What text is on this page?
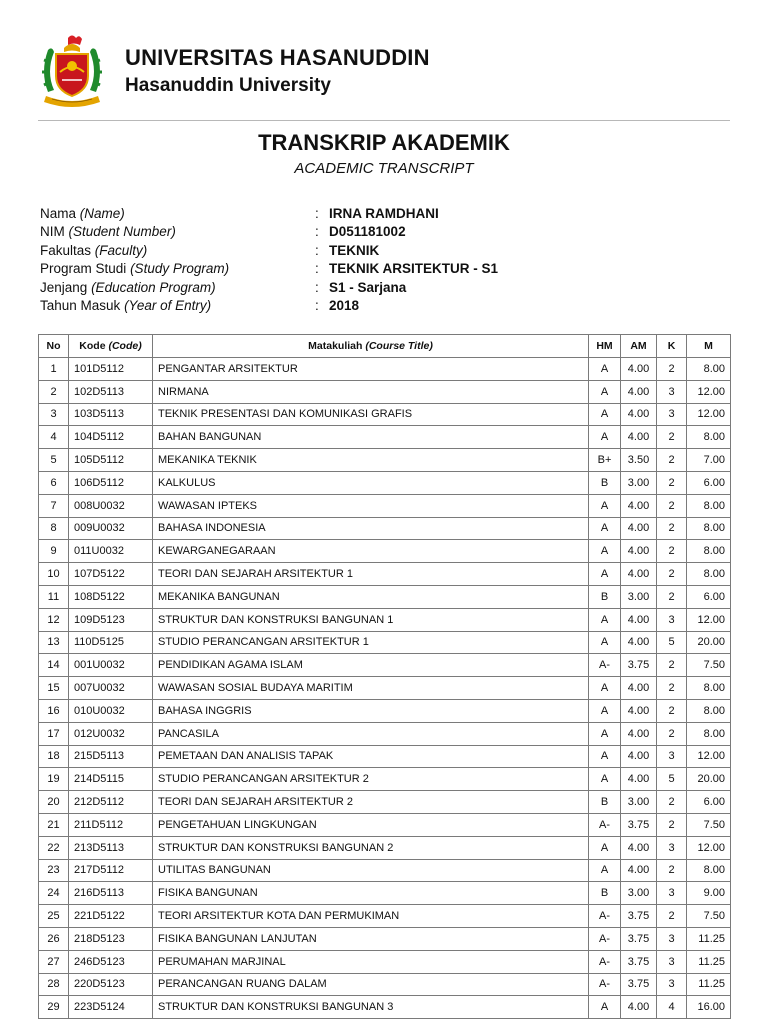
UNIVERSITAS HASANUDDIN
Hasanuddin University
TRANSKRIP AKADEMIK
ACADEMIC TRANSCRIPT
Nama (Name)	: IRNA RAMDHANI
NIM (Student Number)	: D051181002
Fakultas (Faculty)	: TEKNIK
Program Studi (Study Program)	: TEKNIK ARSITEKTUR - S1
Jenjang (Education Program)	: S1 - Sarjana
Tahun Masuk (Year of Entry)	: 2018
No	Kode (Code)	Matakuliah (Course Title)	HM	AM	K	M
1	101D5112	PENGANTAR ARSITEKTUR	A	4.00	2	8.00
2	102D5113	NIRMANA	A	4.00	3	12.00
3	103D5113	TEKNIK PRESENTASI DAN KOMUNIKASI GRAFIS	A	4.00	3	12.00
4	104D5112	BAHAN BANGUNAN	A	4.00	2	8.00
5	105D5112	MEKANIKA TEKNIK	B+	3.50	2	7.00
6	106D5112	KALKULUS	B	3.00	2	6.00
7	008U0032	WAWASAN IPTEKS	A	4.00	2	8.00
8	009U0032	BAHASA INDONESIA	A	4.00	2	8.00
9	011U0032	KEWARGANEGARAAN	A	4.00	2	8.00
10	107D5122	TEORI DAN SEJARAH ARSITEKTUR 1	A	4.00	2	8.00
11	108D5122	MEKANIKA BANGUNAN	B	3.00	2	6.00
12	109D5123	STRUKTUR DAN KONSTRUKSI BANGUNAN 1	A	4.00	3	12.00
13	110D5125	STUDIO PERANCANGAN ARSITEKTUR 1	A	4.00	5	20.00
14	001U0032	PENDIDIKAN AGAMA ISLAM	A-	3.75	2	7.50
15	007U0032	WAWASAN SOSIAL BUDAYA MARITIM	A	4.00	2	8.00
16	010U0032	BAHASA INGGRIS	A	4.00	2	8.00
17	012U0032	PANCASILA	A	4.00	2	8.00
18	215D5113	PEMETAAN DAN ANALISIS TAPAK	A	4.00	3	12.00
19	214D5115	STUDIO PERANCANGAN ARSITEKTUR 2	A	4.00	5	20.00
20	212D5112	TEORI DAN SEJARAH ARSITEKTUR 2	B	3.00	2	6.00
21	211D5112	PENGETAHUAN LINGKUNGAN	A-	3.75	2	7.50
22	213D5113	STRUKTUR DAN KONSTRUKSI BANGUNAN 2	A	4.00	3	12.00
23	217D5112	UTILITAS BANGUNAN	A	4.00	2	8.00
24	216D5113	FISIKA BANGUNAN	B	3.00	3	9.00
25	221D5122	TEORI ARSITEKTUR KOTA DAN PERMUKIMAN	A-	3.75	2	7.50
26	218D5123	FISIKA BANGUNAN LANJUTAN	A-	3.75	3	11.25
27	246D5123	PERUMAHAN MARJINAL	A-	3.75	3	11.25
28	220D5123	PERANCANGAN RUANG DALAM	A-	3.75	3	11.25
29	223D5124	STRUKTUR DAN KONSTRUKSI BANGUNAN 3	A	4.00	4	16.00
